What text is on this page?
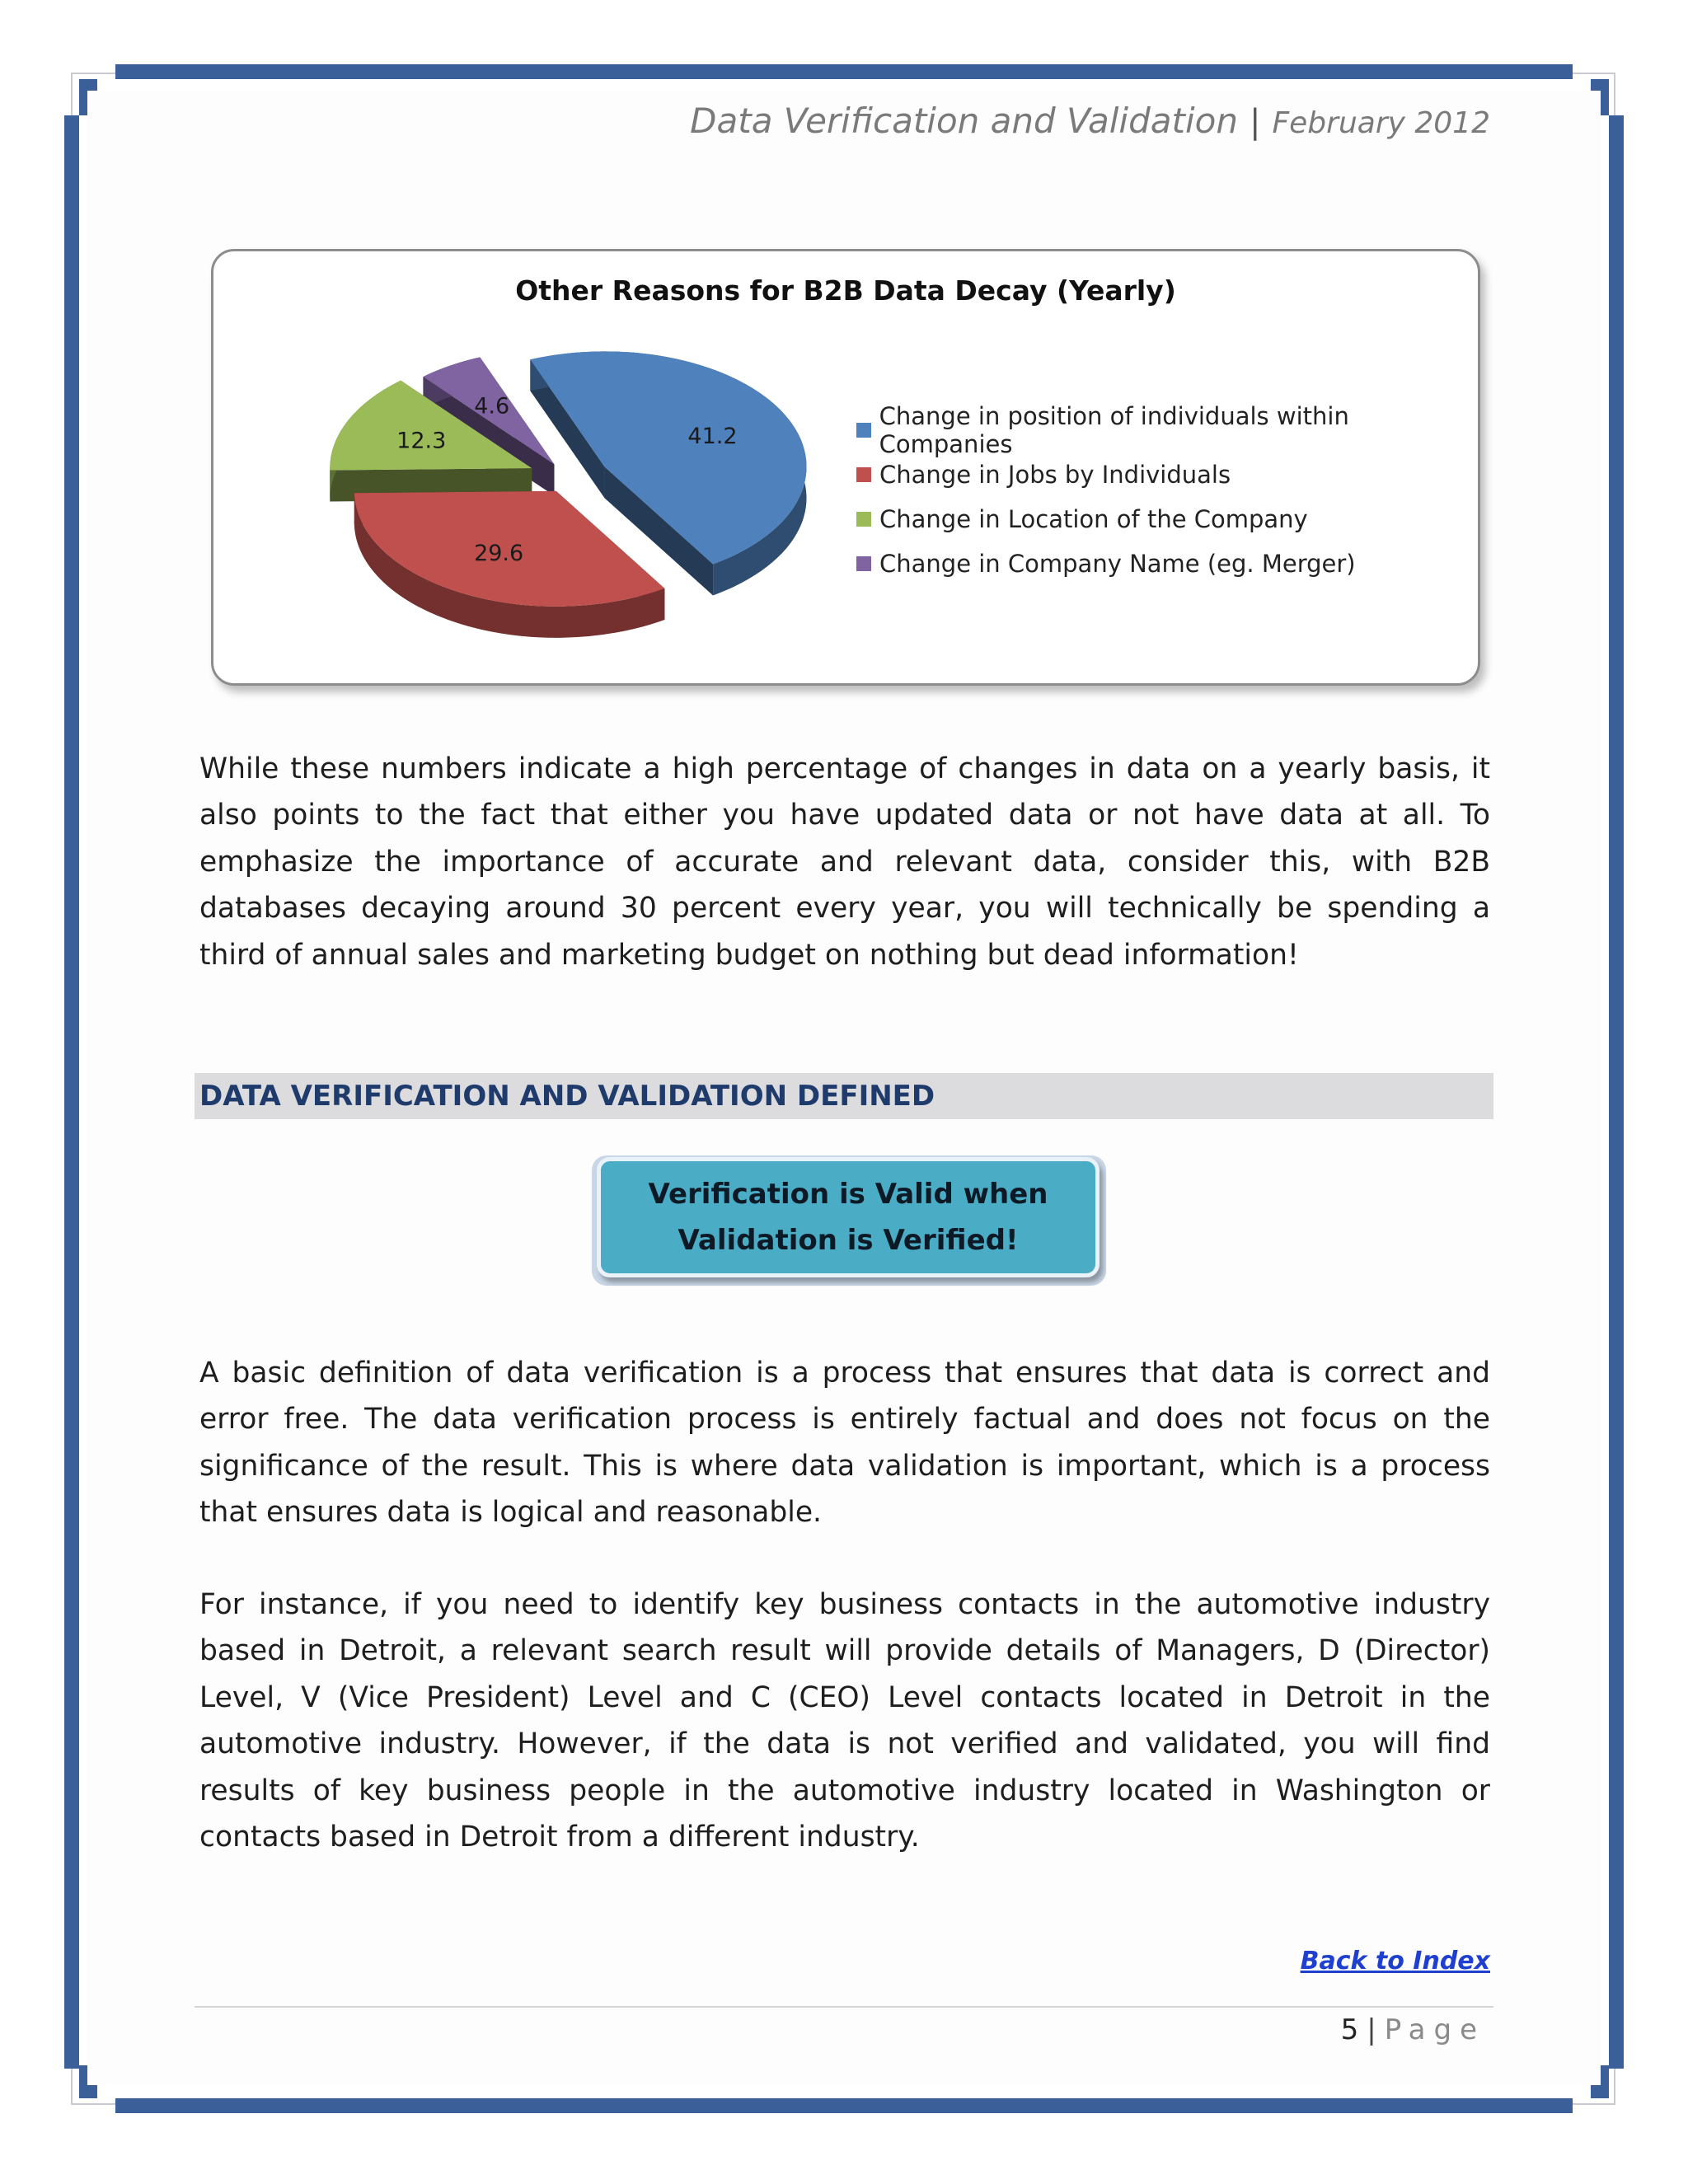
Data Verification and Validation | February 2012
Other Reasons for B2B Data Decay (Yearly)
4.6
41.2
12.3
29.6
Change in position of individuals within Companies
Change in Jobs by Individuals
Change in Location of the Company
Change in Company Name (eg. Merger)

While these numbers indicate a high percentage of changes in data on a yearly basis, it also points to the fact that either you have updated data or not have data at all. To emphasize the importance of accurate and relevant data, consider this, with B2B databases decaying around 30 percent every year, you will technically be spending a third of annual sales and marketing budget on nothing but dead information!

DATA VERIFICATION AND VALIDATION DEFINED
Verification is Valid when
Validation is Verified!

A basic definition of data verification is a process that ensures that data is correct and error free. The data verification process is entirely factual and does not focus on the significance of the result. This is where data validation is important, which is a process that ensures data is logical and reasonable.

For instance, if you need to identify key business contacts in the automotive industry based in Detroit, a relevant search result will provide details of Managers, D (Director) Level, V (Vice President) Level and C (CEO) Level contacts located in Detroit in the automotive industry. However, if the data is not verified and validated, you will find results of key business people in the automotive industry located in Washington or contacts based in Detroit from a different industry.

Back to Index
5 | Page
